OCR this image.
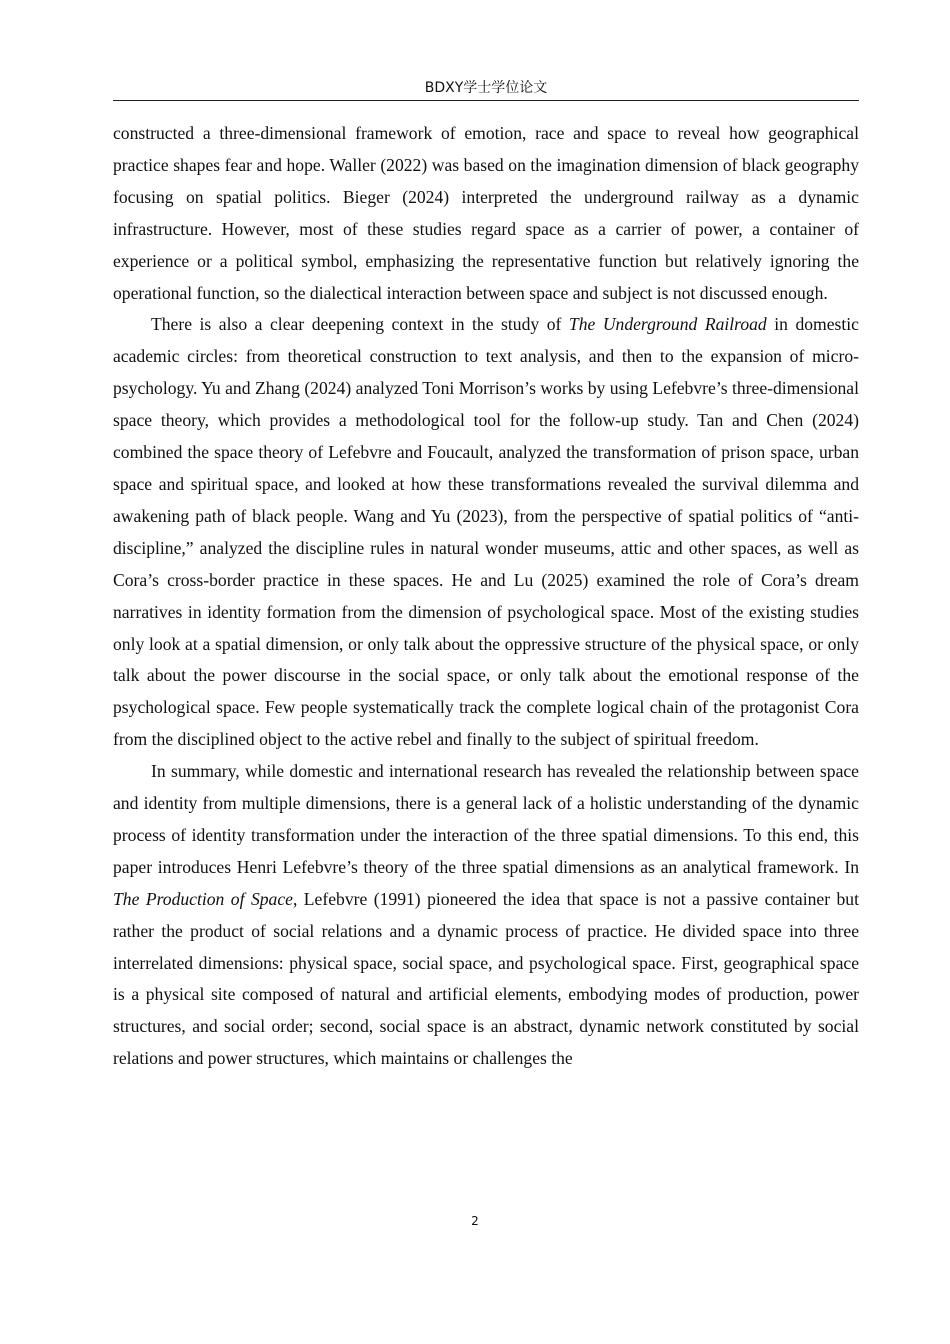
BDXY学士学位论文

constructed a three-dimensional framework of emotion, race and space to reveal how geographical practice shapes fear and hope. Waller (2022) was based on the imagination dimension of black geography focusing on spatial politics. Bieger (2024) interpreted the underground railway as a dynamic infrastructure. However, most of these studies regard space as a carrier of power, a container of experience or a political symbol, emphasizing the representative function but relatively ignoring the operational function, so the dialectical interaction between space and subject is not discussed enough.

There is also a clear deepening context in the study of The Underground Railroad in domestic academic circles: from theoretical construction to text analysis, and then to the expansion of micro-psychology. Yu and Zhang (2024) analyzed Toni Morrison’s works by using Lefebvre’s three-dimensional space theory, which provides a methodological tool for the follow-up study. Tan and Chen (2024) combined the space theory of Lefebvre and Foucault, analyzed the transformation of prison space, urban space and spiritual space, and looked at how these transformations revealed the survival dilemma and awakening path of black people. Wang and Yu (2023), from the perspective of spatial politics of “anti-discipline,” analyzed the discipline rules in natural wonder museums, attic and other spaces, as well as Cora’s cross-border practice in these spaces. He and Lu (2025) examined the role of Cora’s dream narratives in identity formation from the dimension of psychological space. Most of the existing studies only look at a spatial dimension, or only talk about the oppressive structure of the physical space, or only talk about the power discourse in the social space, or only talk about the emotional response of the psychological space. Few people systematically track the complete logical chain of the protagonist Cora from the disciplined object to the active rebel and finally to the subject of spiritual freedom.

In summary, while domestic and international research has revealed the relationship between space and identity from multiple dimensions, there is a general lack of a holistic understanding of the dynamic process of identity transformation under the interaction of the three spatial dimensions. To this end, this paper introduces Henri Lefebvre’s theory of the three spatial dimensions as an analytical framework. In The Production of Space, Lefebvre (1991) pioneered the idea that space is not a passive container but rather the product of social relations and a dynamic process of practice. He divided space into three interrelated dimensions: physical space, social space, and psychological space. First, geographical space is a physical site composed of natural and artificial elements, embodying modes of production, power structures, and social order; second, social space is an abstract, dynamic network constituted by social relations and power structures, which maintains or challenges the

2
